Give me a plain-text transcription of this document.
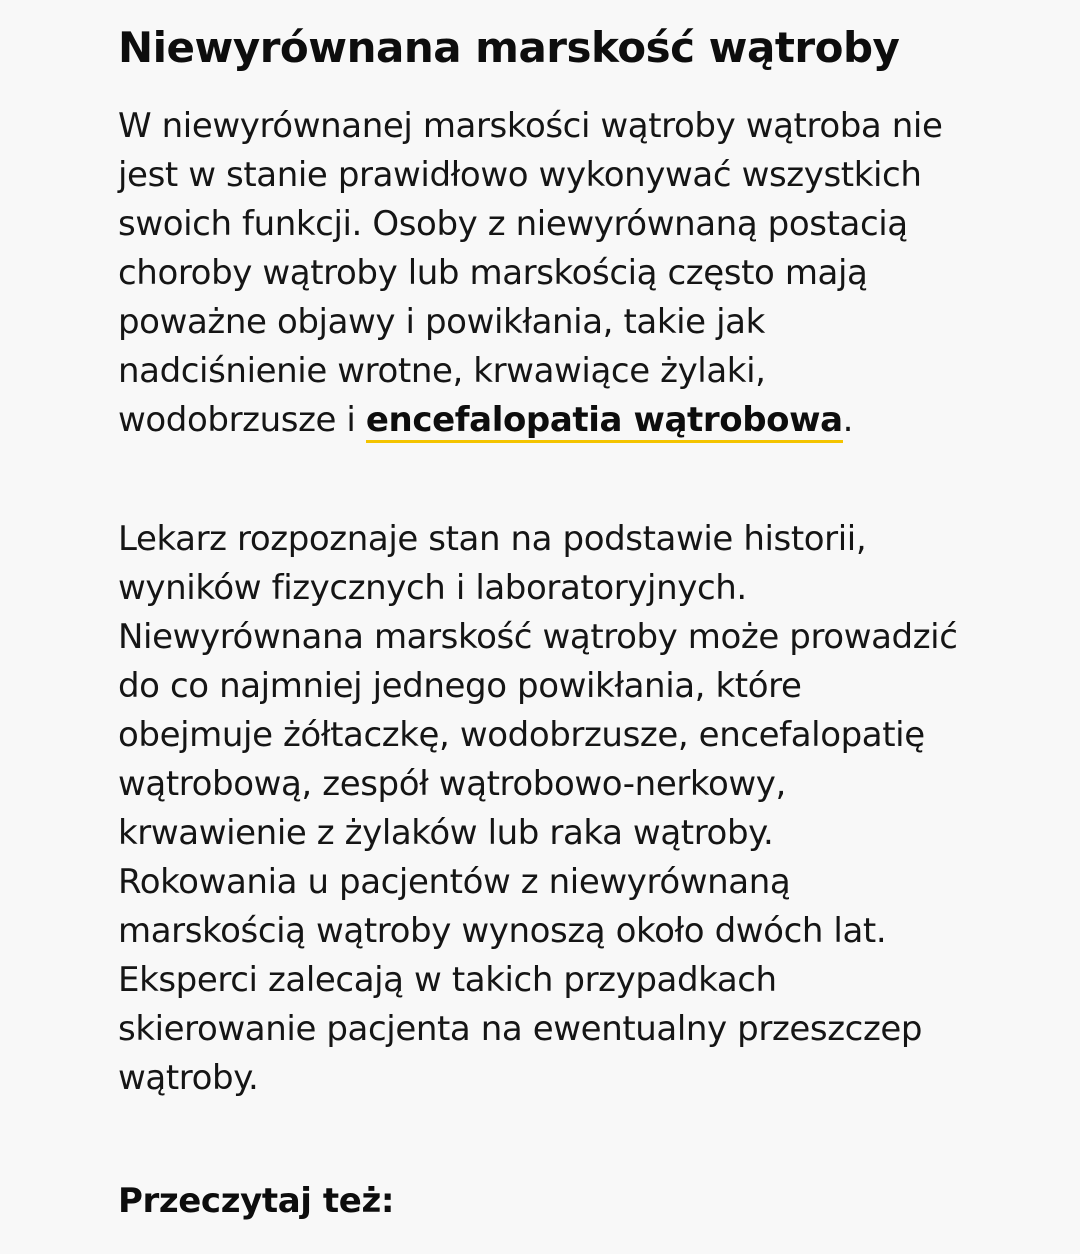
Niewyrównana marskość wątroby

W niewyrównanej marskości wątroby wątroba nie jest w stanie prawidłowo wykonywać wszystkich swoich funkcji. Osoby z niewyrównaną postacią choroby wątroby lub marskością często mają poważne objawy i powikłania, takie jak nadciśnienie wrotne, krwawiące żylaki, wodobrzusze i encefalopatia wątrobowa.

Lekarz rozpoznaje stan na podstawie historii, wyników fizycznych i laboratoryjnych. Niewyrównana marskość wątroby może prowadzić do co najmniej jednego powikłania, które obejmuje żółtaczkę, wodobrzusze, encefalopatię wątrobową, zespół wątrobowo-nerkowy, krwawienie z żylaków lub raka wątroby. Rokowania u pacjentów z niewyrównaną marskością wątroby wynoszą około dwóch lat. Eksperci zalecają w takich przypadkach skierowanie pacjenta na ewentualny przeszczep wątroby.

Przeczytaj też:
